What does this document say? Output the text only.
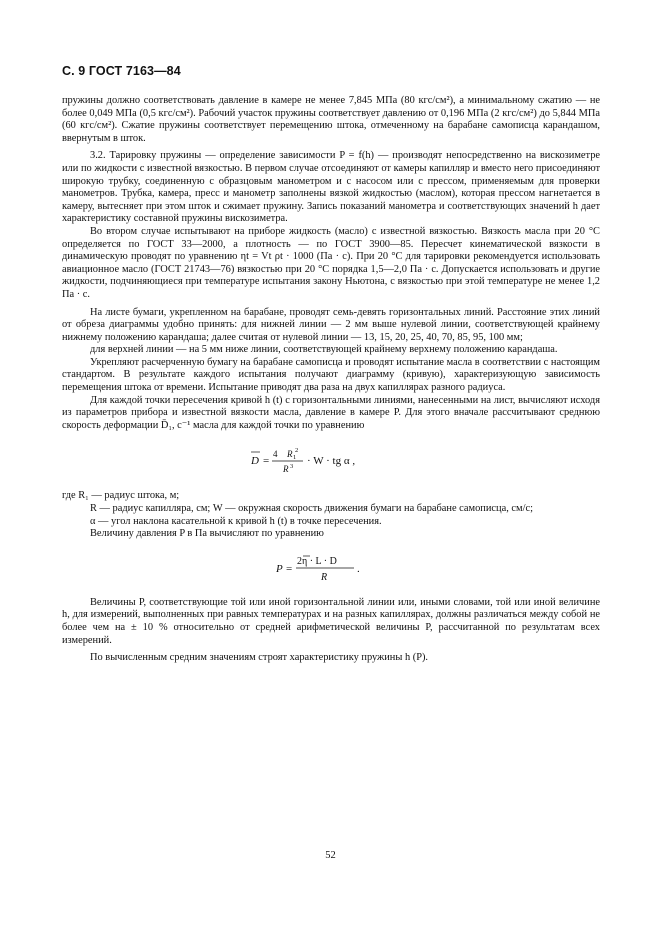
С. 9 ГОСТ 7163—84

пружины должно соответствовать давление в камере не менее 7,845 МПа (80 кгс/см²), а минимальному сжатию — не более 0,049 МПа (0,5 кгс/см²). Рабочий участок пружины соответствует давлению от 0,196 МПа (2 кгс/см²) до 5,844 МПа (60 кгс/см²). Сжатие пружины соответствует перемещению штока, отмеченному на барабане самописца карандашом, ввернутым в шток.

3.2. Тарировку пружины — определение зависимости P = f(h) — производят непосредственно на вискозиметре или по жидкости с известной вязкостью. В первом случае отсоединяют от камеры капилляр и вместо него присоединяют широкую трубку, соединенную с образцовым манометром и с насосом или с прессом, применяемым для проверки манометров. Трубка, камера, пресс и манометр заполнены вязкой жидкостью (маслом), которая прессом нагнетается в камеру, вытесняет при этом шток и сжимает пружину. Запись показаний манометра и соответствующих значений h дает характеристику составной пружины вискозиметра.

Во втором случае испытывают на приборе жидкость (масло) с известной вязкостью. Вязкость масла при 20 °С определяется по ГОСТ 33—2000, а плотность — по ГОСТ 3900—85. Пересчет кинематической вязкости в динамическую проводят по уравнению ηt = Vt ρt · 1000 (Па · с). При 20 °С для тарировки рекомендуется использовать авиационное масло (ГОСТ 21743—76) вязкостью при 20 °С порядка 1,5—2,0 Па · с. Допускается использовать и другие жидкости, подчиняющиеся при температуре испытания закону Ньютона, с вязкостью при этой температуре не менее 1,2 Па · с.

На листе бумаги, укрепленном на барабане, проводят семь-девять горизонтальных линий. Расстояние этих линий от обреза диаграммы удобно принять: для нижней линии — 2 мм выше нулевой линии, соответствующей крайнему нижнему положению карандаша; далее считая от нулевой линии — 13, 15, 20, 25, 40, 70, 85, 95, 100 мм;

для верхней линии — на 5 мм ниже линии, соответствующей крайнему верхнему положению карандаша.

Укрепляют расчерченную бумагу на барабане самописца и проводят испытание масла в соответствии с настоящим стандартом. В результате каждого испытания получают диаграмму (кривую), характеризующую зависимость перемещения штока от времени. Испытание приводят два раза на двух капиллярах разного радиуса.

Для каждой точки пересечения кривой h (t) с горизонтальными линиями, нанесенными на лист, вычисляют исходя из параметров прибора и известной вязкости масла, давление в камере P. Для этого вначале рассчитывают среднюю скорость деформации D̄₁, с⁻¹ масла для каждой точки по уравнению

D =
4 R 1
2
R 3 · W · tg α ,

где R₁ — радиус штока, м;

R — радиус капилляра, см; W — окружная скорость движения бумаги на барабане самописца, см/с;

α — угол наклона касательной к кривой h (t) в точке пересечения.

Величину давления P в Па вычисляют по уравнению

P =
2η · L · D
R
.

Величины P, соответствующие той или иной горизонтальной линии или, иными словами, той или иной величине h, для измерений, выполненных при равных температурах и на разных капиллярах, должны различаться между собой не более чем на ± 10 % относительно от средней арифметической величины P, рассчитанной по результатам всех измерений.

По вычисленным средним значениям строят характеристику пружины h (P).

52
